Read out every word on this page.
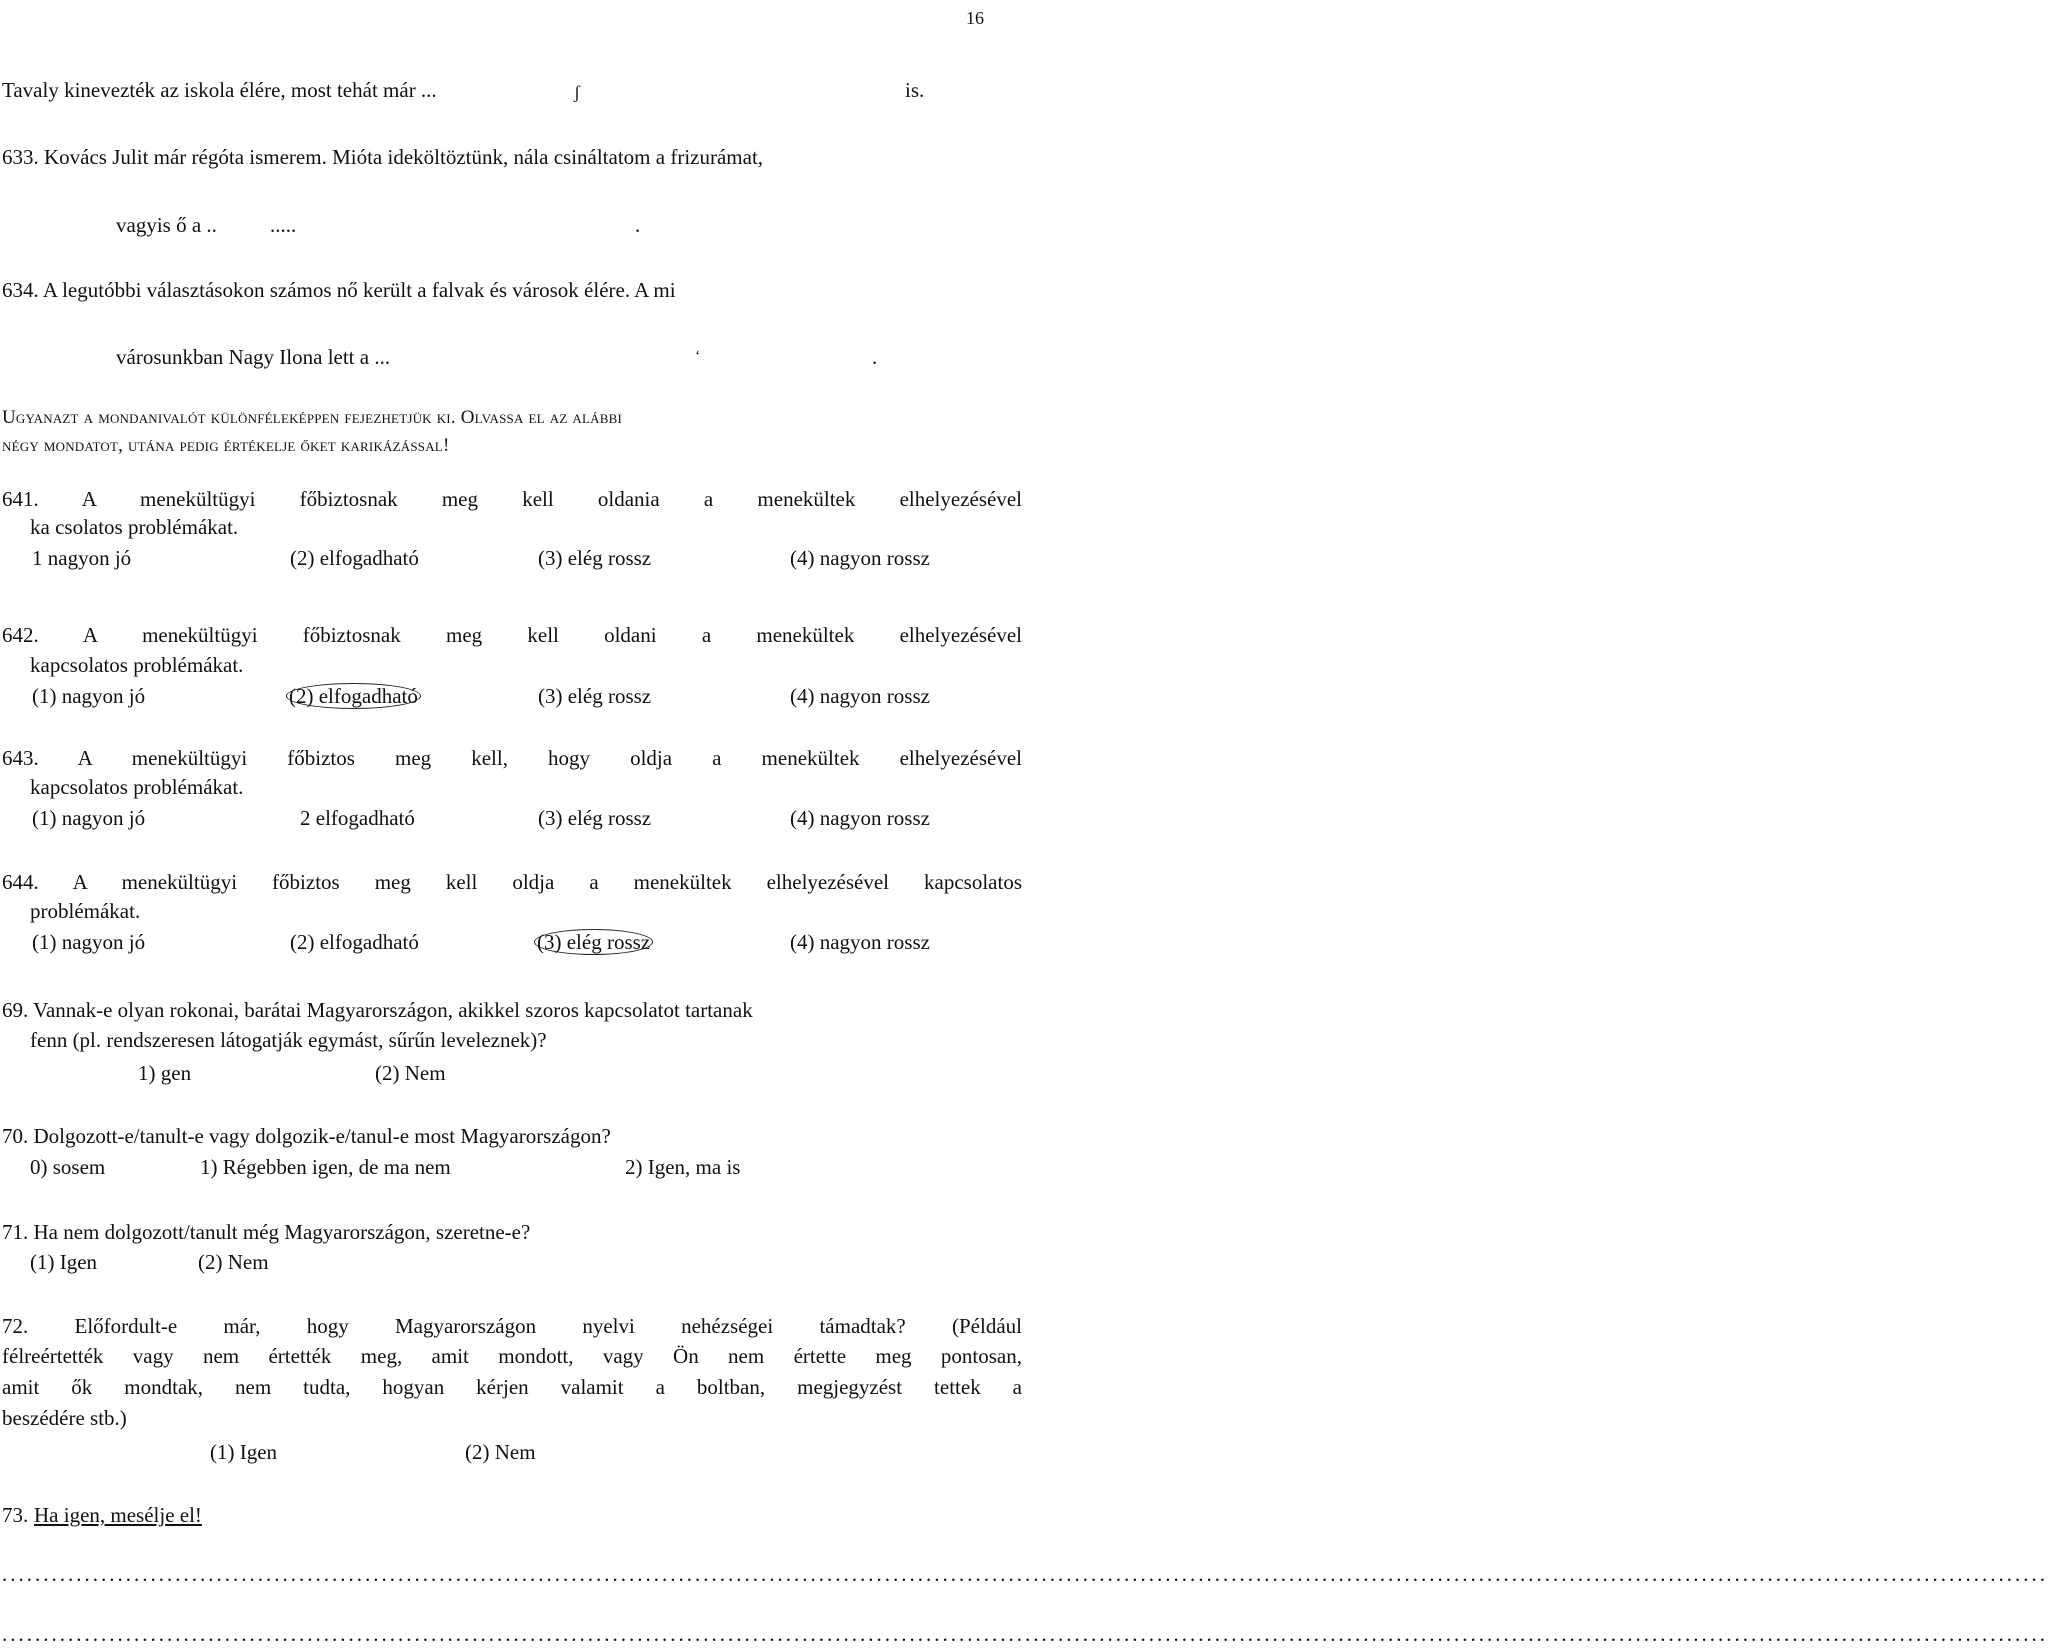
16
Tavaly kinevezték az iskola élére, most tehát már ...	ʃ	is.
633. Kovács Julit már régóta ismerem. Mióta ideköltöztünk, nála csináltatom a frizurámat,
vagyis ő a ..	.....	.
634. A legutóbbi választásokon számos nő került a falvak és városok élére. A mi
városunkban Nagy Ilona lett a ...	ʻ	.
Ugyanazt a mondanivalót különféleképpen fejezhetjük ki. Olvassa el az alábbi
négy mondatot, utána pedig értékelje őket karikázással!
641. A menekültügyi főbiztosnak meg kell oldania a menekültek elhelyezésével
ka csolatos problémákat.
1 nagyon jó	(2) elfogadható	(3) elég rossz	(4) nagyon rossz
642. A menekültügyi főbiztosnak meg kell oldani a menekültek elhelyezésével
kapcsolatos problémákat.
(1) nagyon jó	(2) elfogadható	(3) elég rossz	(4) nagyon rossz
643. A menekültügyi főbiztos meg kell, hogy oldja a menekültek elhelyezésével
kapcsolatos problémákat.
(1) nagyon jó	2 elfogadható	(3) elég rossz	(4) nagyon rossz
644. A menekültügyi főbiztos meg kell oldja a menekültek elhelyezésével kapcsolatos
problémákat.
(1) nagyon jó	(2) elfogadható	(3) elég rossz	(4) nagyon rossz
69. Vannak-e olyan rokonai, barátai Magyarországon, akikkel szoros kapcsolatot tartanak
fenn (pl. rendszeresen látogatják egymást, sűrűn leveleznek)?
1) gen	(2) Nem
70. Dolgozott-e/tanult-e vagy dolgozik-e/tanul-e most Magyarországon?
0) sosem	1) Régebben igen, de ma nem	2) Igen, ma is
71. Ha nem dolgozott/tanult még Magyarországon, szeretne-e?
(1) Igen	(2) Nem
72. Előfordult-e már, hogy Magyarországon nyelvi nehézségei támadtak? (Például
félreértették vagy nem értették meg, amit mondott, vagy Ön nem értette meg pontosan,
amit ők mondtak, nem tudta, hogyan kérjen valamit a boltban, megjegyzést tettek a
beszédére stb.)
(1) Igen	(2) Nem
73. Ha igen, mesélje el!
........................................................................................................................................................................................................................................................
........................................................................................................................................................................................................................................................
